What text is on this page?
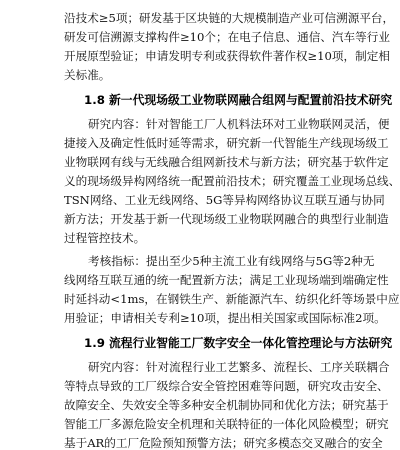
沿技术≥5项；研发基于区块链的大规模制造产业可信溯源平台，
研发可信溯源支撑构件≥10个；在电子信息、通信、汽车等行业
开展原型验证；申请发明专利或获得软件著作权≥10项，制定相
关标准。
1.8 新一代现场级工业物联网融合组网与配置前沿技术研究
研究内容：针对智能工厂人机料法环对工业物联网灵活，便
捷接入及确定性低时延等需求，研究新一代智能生产线现场级工
业物联网有线与无线融合组网新技术与新方法；研究基于软件定
义的现场级异构网络统一配置前沿技术；研究覆盖工业现场总线、
TSN网络、工业无线网络、5G等异构网络协议互联互通与协同
新方法；开发基于新一代现场级工业物联网融合的典型行业制造
过程管控技术。
考核指标：提出至少5种主流工业有线网络与5G等2种无
线网络互联互通的统一配置新方法；满足工业现场端到端确定性
时延抖动<1ms，在钢铁生产、新能源汽车、纺织化纤等场景中应
用验证；申请相关专利≥10项，提出相关国家或国际标准2项。
1.9 流程行业智能工厂数字安全一体化管控理论与方法研究
研究内容：针对流程行业工艺繁多、流程长、工序关联耦合
等特点导致的工厂级综合安全管控困难等问题，研究攻击安全、
故障安全、失效安全等多种安全机制协同和优化方法；研究基于
智能工厂多源危险安全机理和关联特征的一体化风险模型；研究
基于AR的工厂危险预知预警方法；研究多模态交叉融合的安全
